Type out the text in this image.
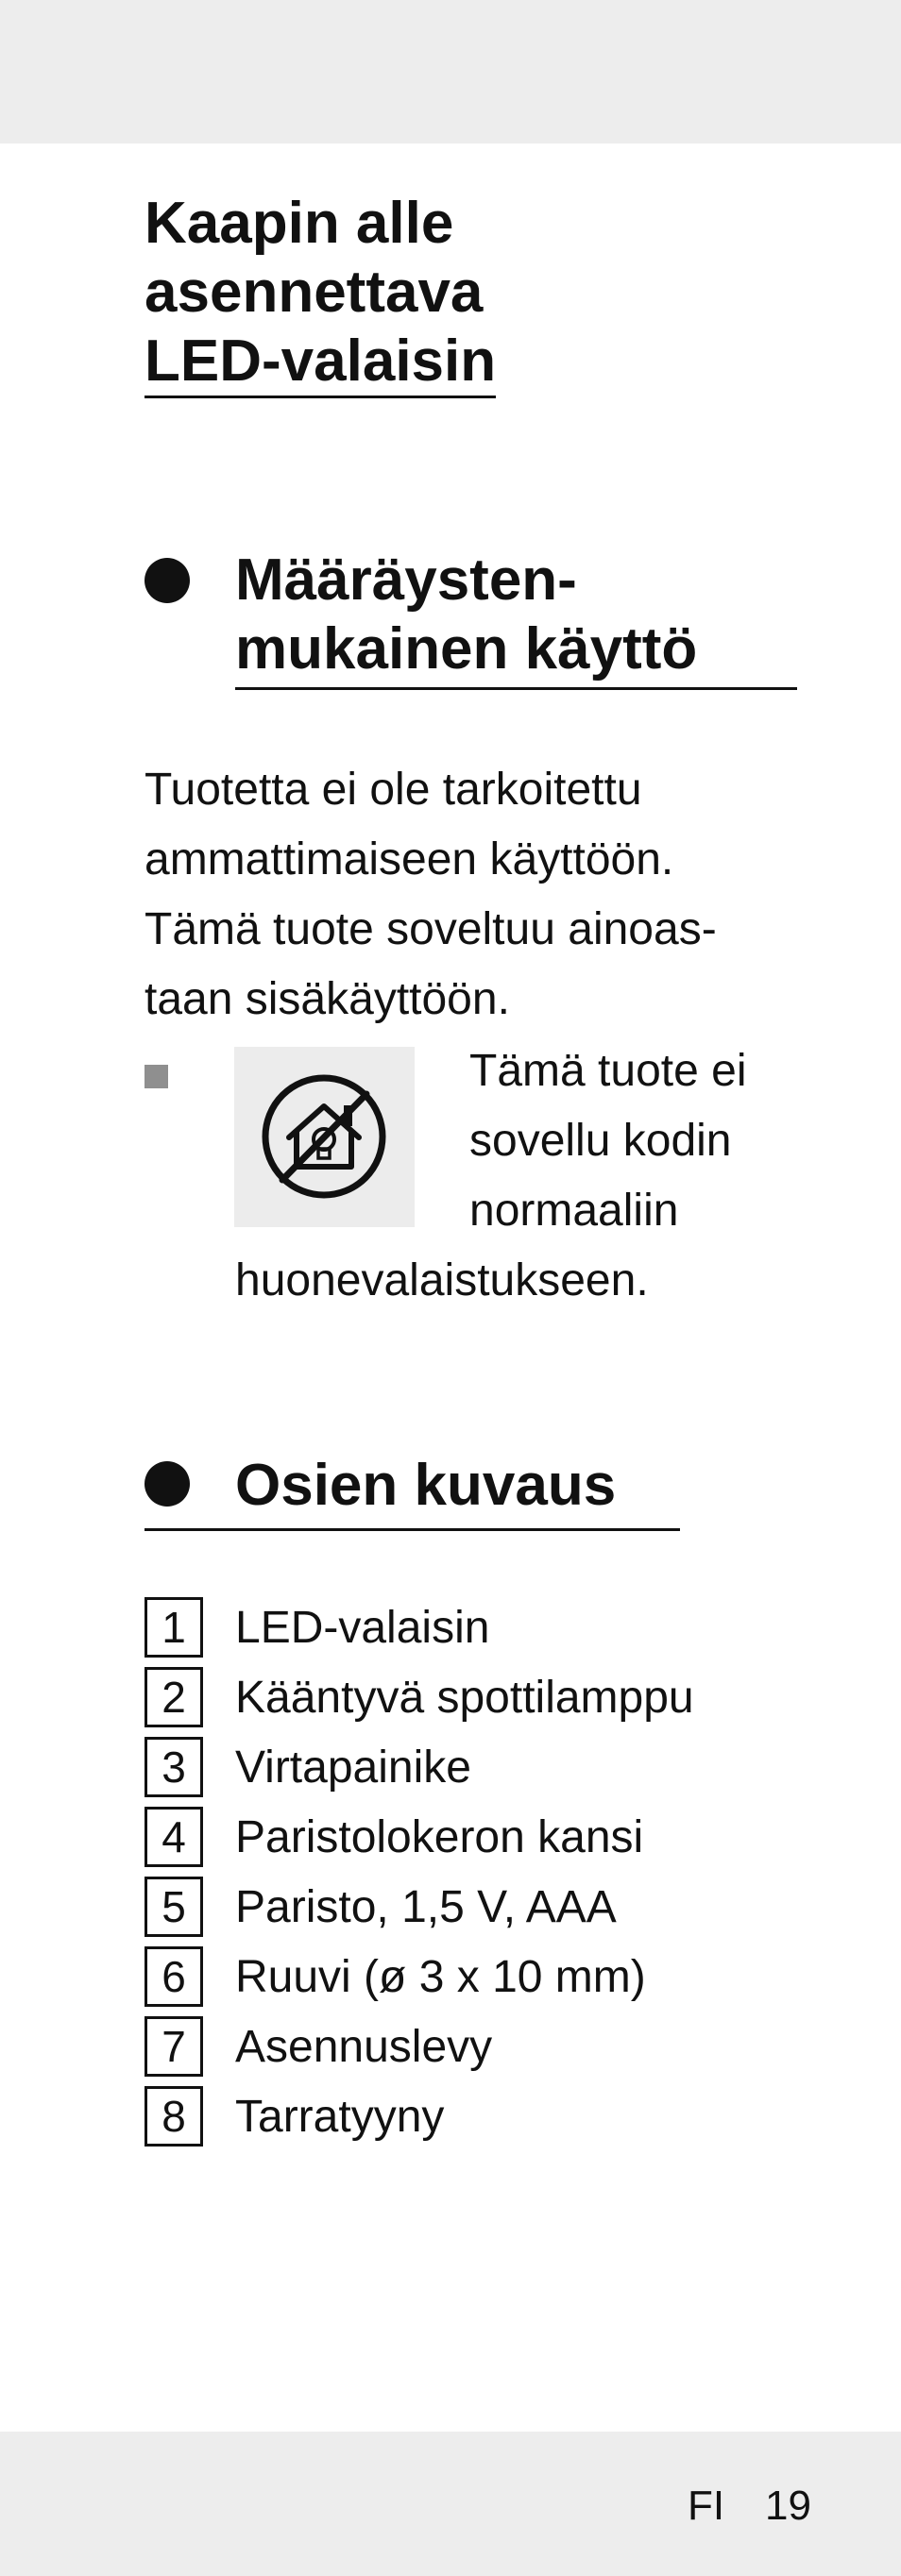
Kaapin alle
asennettava
LED-valaisin
Määräysten-
mukainen käyttö

Tuotetta ei ole tarkoitettu
ammattimaiseen käyttöön.
Tämä tuote soveltuu ainoas-
taan sisäkäyttöön.

Tämä tuote ei
sovellu kodin
normaaliin
huonevalaistukseen.
Osien kuvaus
1	LED-valaisin
2	Kääntyvä spottilamppu
3	Virtapainike
4	Paristolokeron kansi
5	Paristo, 1,5 V, AAA
6	Ruuvi (ø 3 x 10 mm)
7	Asennuslevy
8	Tarratyyny
FI 19
